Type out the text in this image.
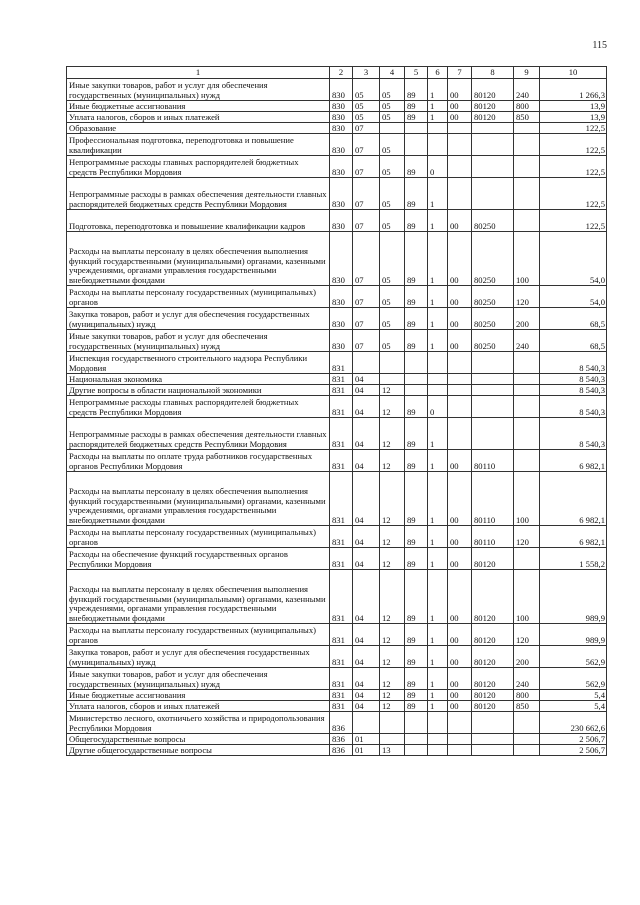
115
1	2	3	4	5	6	7	8	9	10
Иные закупки товаров, работ и услуг для обеспечения государственных (муниципальных) нужд	830	05	05	89	1	00	80120	240	1 266,3
Иные бюджетные ассигнования	830	05	05	89	1	00	80120	800	13,9
Уплата налогов, сборов и иных платежей	830	05	05	89	1	00	80120	850	13,9
Образование	830	07							122,5
Профессиональная подготовка, переподготовка и повышение квалификации	830	07	05						122,5
Непрограммные расходы главных распорядителей бюджетных средств Республики Мордовия	830	07	05	89	0				122,5
Непрограммные расходы в рамках обеспечения деятельности главных распорядителей бюджетных средств Республики Мордовия	830	07	05	89	1				122,5
Подготовка, переподготовка и повышение квалификации кадров	830	07	05	89	1	00	80250		122,5
Расходы на выплаты персоналу в целях обеспечения выполнения функций государственными (муниципальными) органами, казенными учреждениями, органами управления государственными внебюджетными фондами	830	07	05	89	1	00	80250	100	54,0
Расходы на выплаты персоналу государственных (муниципальных) органов	830	07	05	89	1	00	80250	120	54,0
Закупка товаров, работ и услуг для обеспечения государственных (муниципальных) нужд	830	07	05	89	1	00	80250	200	68,5
Иные закупки товаров, работ и услуг для обеспечения государственных (муниципальных) нужд	830	07	05	89	1	00	80250	240	68,5
Инспекция государственного строительного надзора Республики Мордовия	831								8 540,3
Национальная экономика	831	04							8 540,3
Другие вопросы в области национальной экономики	831	04	12						8 540,3
Непрограммные расходы главных распорядителей бюджетных средств Республики Мордовия	831	04	12	89	0				8 540,3
Непрограммные расходы в рамках обеспечения деятельности главных распорядителей бюджетных средств Республики Мордовия	831	04	12	89	1				8 540,3
Расходы на выплаты по оплате труда работников государственных органов Республики Мордовия	831	04	12	89	1	00	80110		6 982,1
Расходы на выплаты персоналу в целях обеспечения выполнения функций государственными (муниципальными) органами, казенными учреждениями, органами управления государственными внебюджетными фондами	831	04	12	89	1	00	80110	100	6 982,1
Расходы на выплаты персоналу государственных (муниципальных) органов	831	04	12	89	1	00	80110	120	6 982,1
Расходы на обеспечение функций государственных органов Республики Мордовия	831	04	12	89	1	00	80120		1 558,2
Расходы на выплаты персоналу в целях обеспечения выполнения функций государственными (муниципальными) органами, казенными учреждениями, органами управления государственными внебюджетными фондами	831	04	12	89	1	00	80120	100	989,9
Расходы на выплаты персоналу государственных (муниципальных) органов	831	04	12	89	1	00	80120	120	989,9
Закупка товаров, работ и услуг для обеспечения государственных (муниципальных) нужд	831	04	12	89	1	00	80120	200	562,9
Иные закупки товаров, работ и услуг для обеспечения государственных (муниципальных) нужд	831	04	12	89	1	00	80120	240	562,9
Иные бюджетные ассигнования	831	04	12	89	1	00	80120	800	5,4
Уплата налогов, сборов и иных платежей	831	04	12	89	1	00	80120	850	5,4
Министерство лесного, охотничьего хозяйства и природопользования Республики Мордовия	836								230 662,6
Общегосударственные вопросы	836	01							2 506,7
Другие общегосударственные вопросы	836	01	13						2 506,7
